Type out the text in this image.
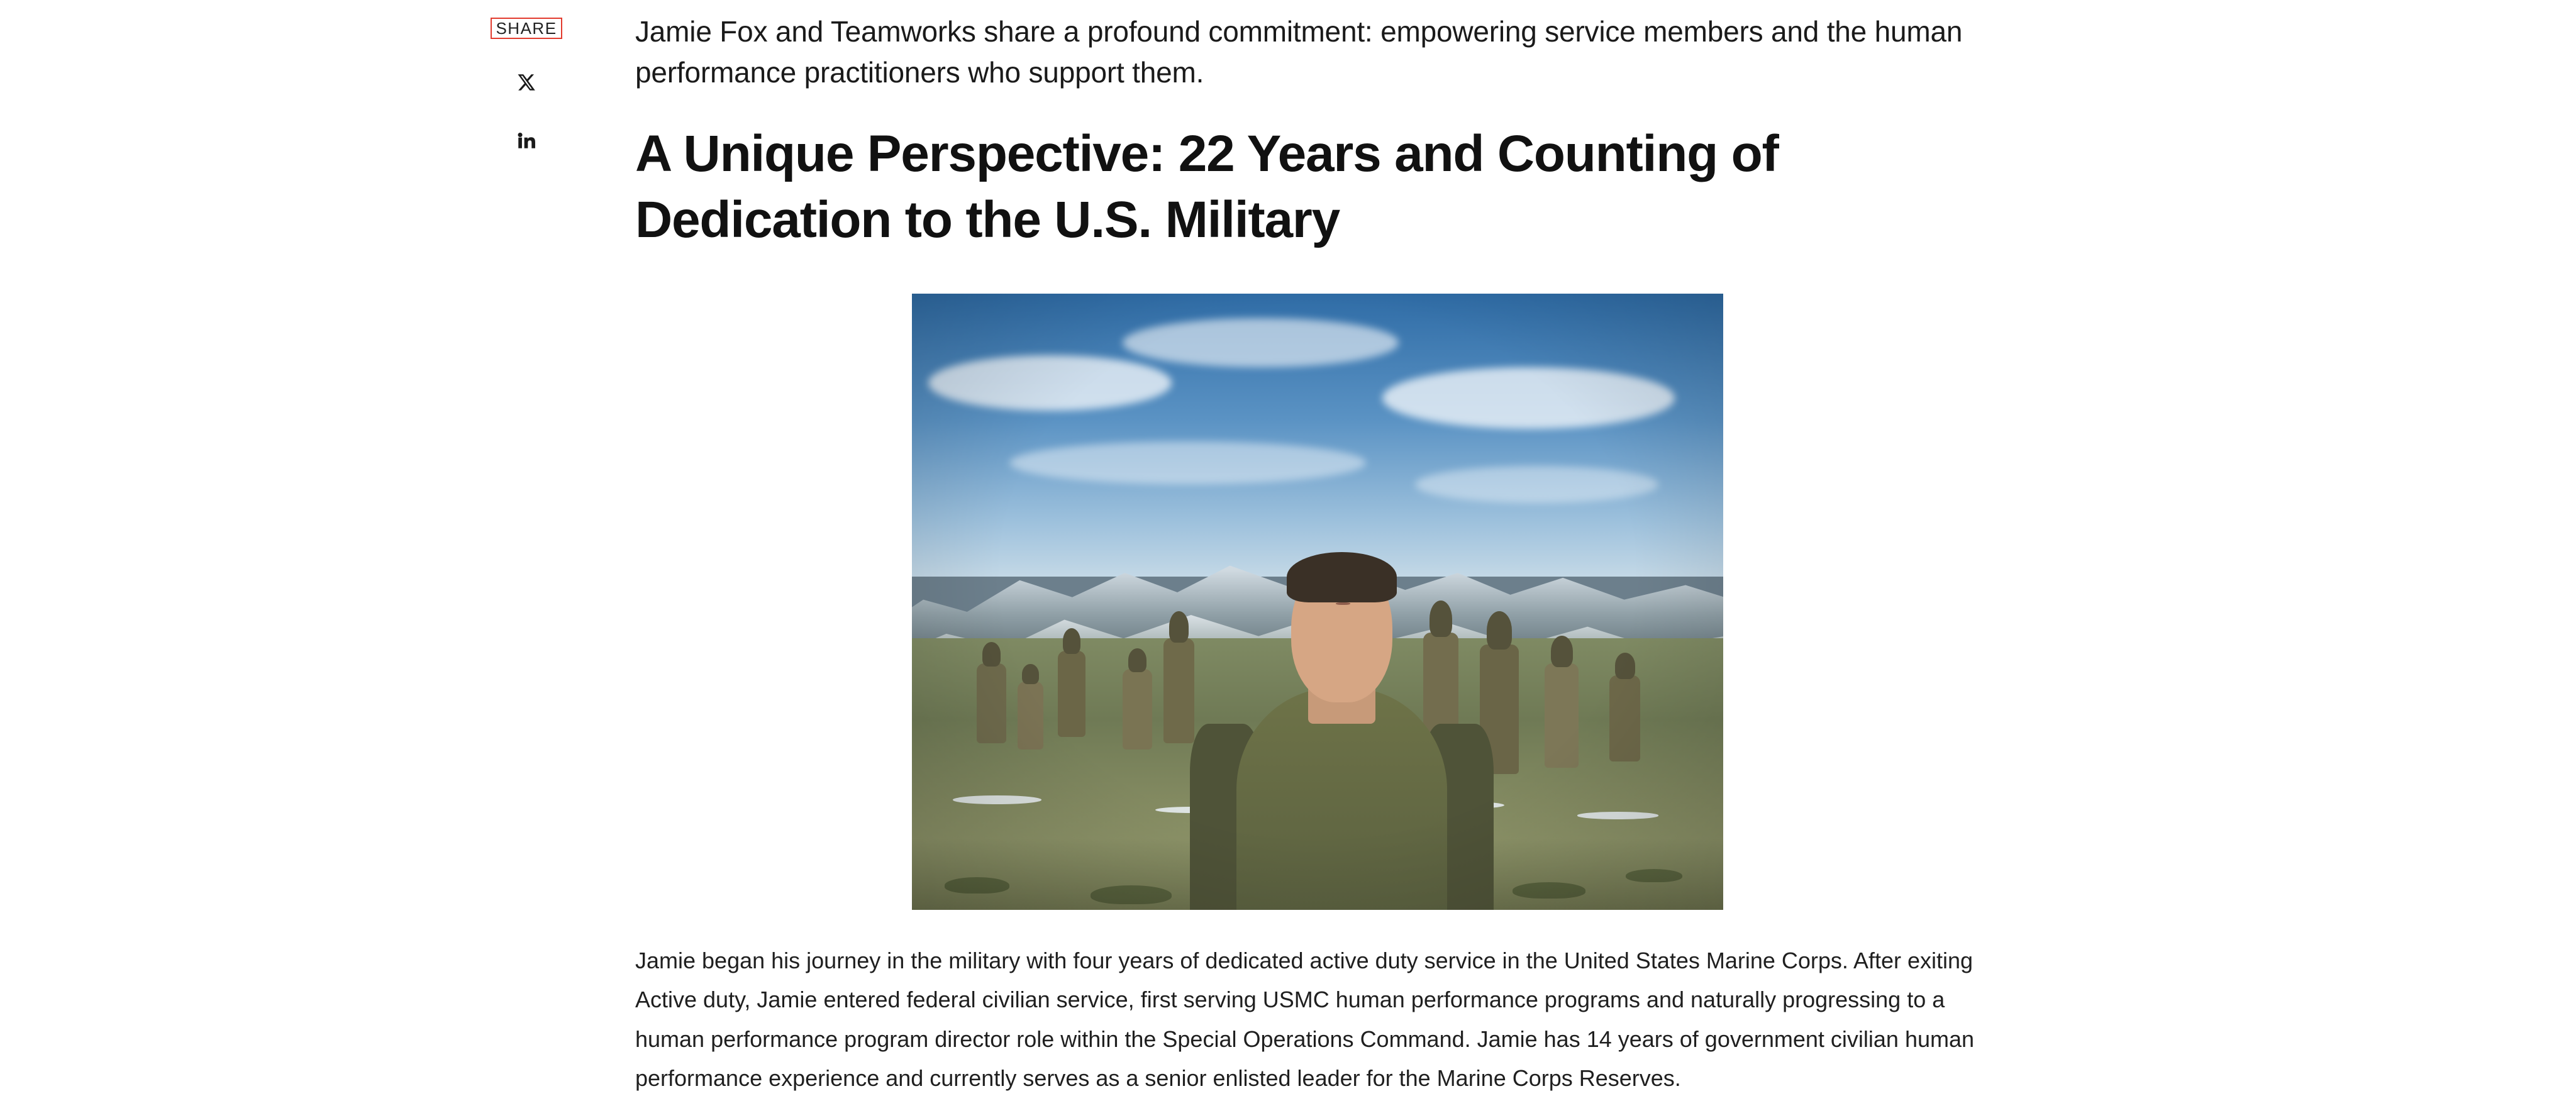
SHARE	Jamie Fox and Teamworks share a profound commitment: empowering service members and the human performance practitioners who support them.

A Unique Perspective: 22 Years and Counting of Dedication to the U.S. Military

Jamie began his journey in the military with four years of dedicated active duty service in the United States Marine Corps. After exiting Active duty, Jamie entered federal civilian service, first serving USMC human performance programs and naturally progressing to a human performance program director role within the Special Operations Command. Jamie has 14 years of government civilian human performance experience and currently serves as a senior enlisted leader for the Marine Corps Reserves.
